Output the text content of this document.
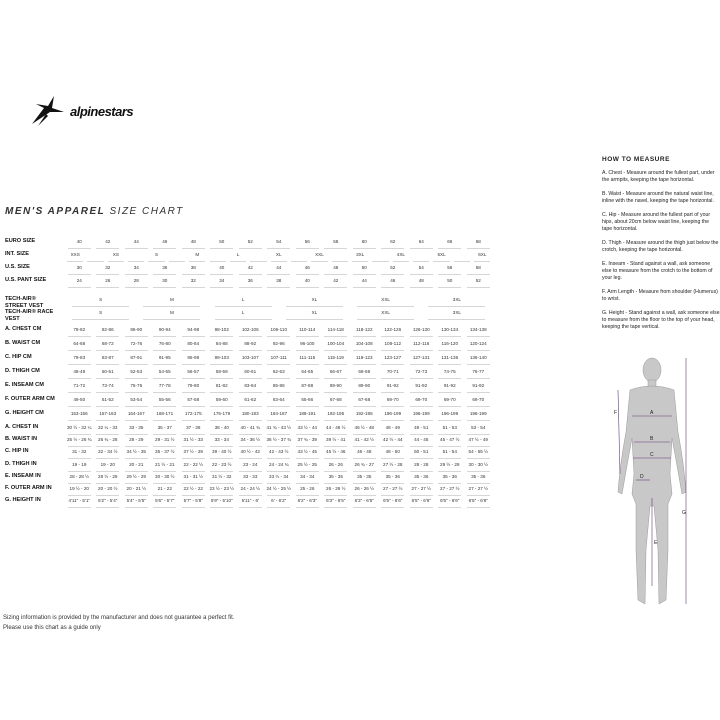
alpinestars
MEN'S APPAREL SIZE CHART
EURO SIZE	40	42	44	46	48	50	52	54	56	58	60	62	64	66	68
INT. SIZE	XXS	XS	S	M	L	XL	XXL	3XL	4XL	5XL	6XL
U.S. SIZE	30	32	34	36	38	40	42	44	46	48	50	52	54	56	58
U.S. PANT SIZE	24	26	28	30	32	34	36	38	40	42	44	46	48	50	52
TECH-AIR® STREET VEST
S	M	L	XL	XXL	3XL
TECH-AIR® RACE VEST
S	M	L	XL	XXL	3XL
A. CHEST CM	78-82	82-86	86-90	90-94	94-98	98-102	102-106	106-110	110-114	114-118	118-122	122-126	126-130	130-134	134-138
B. WAIST CM	64-68	68-72	72-76	76-80	80-84	84-88	88-92	92-96	96-100	100-104	104-108	108-112	112-116	116-120	120-124
C. HIP CM	79-83	83-87	87-91	91-95	95-99	99-103	103-107	107-111	111-115	115-119	119-123	123-127	127-131	131-136	136-140
D. THIGH CM	48-49	50-51	52-53	54-55	56-57	58-59	60-61	62-63	64-65	66-67	68-69	70-71	72-73	74-75	76-77
E. INSEAM CM	71-72	73-74	75-76	77-78	79-80	81-82	83-84	85-86	87-88	89-90	89-90	91-92	91-92	91-92	91-92
F. OUTER ARM CM	49-50	51-52	53-54	55-56	57-58	59-60	61-62	63-64	65-66	67-68	67-68	69-70	69-70	69-70	69-70
G. HEIGHT CM	153-156	157-163	164-167	168-171	172-175	176-179	180-183	184-187	188-191	192-195	192-195	196-199	196-199	196-199	196-199
A. CHEST IN	30 ½ - 32 ¼	32 ¼ - 33	33 - 35	35 - 37	37 - 38	38 - 40	40 - 41 ¾	41 ¾ - 43 ½	43 ½ - 44	44 - 46 ½	46 ½ - 48	48 - 49	49 - 51	51 - 53	53 - 54
B. WAIST IN	25 ½ - 26 ¾	26 ¾ - 28	28 - 29	29 - 31 ½	31 ½ - 33	33 - 34	34 - 36 ½	36 ½ - 37 ¾	37 ¾ - 39	39 ½ - 41	41 - 42 ½	42 ½ - 44	44 - 45	45 - 47 ½	47 ½ - 49
C. HIP IN	31 - 32	32 - 34 ½	34 ½ - 35	35 - 37 ½	37 ½ - 39	39 - 40 ½	40 ½ - 42	42 - 43 ½	43 ½ - 45	45 ½ - 46	46 - 48	48 - 50	50 - 51	51 - 54	54 - 55 ½
D. THIGH IN	19 - 19	19 - 20	20 - 21	21 ½ - 21	22 - 22 ½	22 - 23 ½	23 - 24	24 - 24 ¾	25 ½ - 25	26 - 26	26 ¾ - 27	27 ½ - 28	28 - 28	29 ½ - 29	30 - 30 ½
E. INSEAM IN	28 - 28 ½	28 ½ - 29	29 ½ - 29	30 - 30 ½	31 - 31 ½	31 ½ - 32	33 - 33	33 ½ - 34	34 - 34	35 - 35	35 - 35	35 - 36	35 - 36	35 - 36	35 - 36
F. OUTER ARM IN	19 ½ - 20	20 - 20 ½	20 - 21 ½	21 - 22	22 ½ - 22	23 ½ - 23 ½	24 - 24 ½	24 ½ - 25 ½	25 - 26	26 - 26 ½	26 - 26 ½	27 - 27 ½	27 - 27 ½	27 - 27 ½	27 - 27 ½
G. HEIGHT IN	4'11" - 5'1"	5'2" - 5'4"	5'4" - 5'5"	5'6" - 5'7"	5'7" - 5'8"	5'9" - 5'10"	5'11" - 6'	6' - 6'2"	6'2" - 6'3"	6'3" - 6'5"	6'3" - 6'5"	6'5" - 6'6"	6'5" - 6'6"	6'5" - 6'6"	6'5" - 6'6"
HOW TO MEASURE
A. Chest - Measure around the fullest part, under the armpits, keeping the tape horizontal.
B. Waist - Measure around the natural waist line, inline with the navel, keeping the tape horizontal.
C. Hip - Measure around the fullest part of your hips, about 20cm below waist line, keeping the tape horizontal.
D. Thigh - Measure around the thigh just below the crotch, keeping the tape horizontal.
E. Inseam - Stand against a wall, ask someone else to measure from the crotch to the bottom of your leg.
F. Arm Length - Measure from shoulder (Humerus) to wrist.
G. Height - Stand against a wall, ask someone else to measure from the floor to the top of your head, keeping the tape vertical.
A
B
C
D
E
F
G
Sizing information is provided by the manufacturer and does not guarantee a perfect fit.
Please use this chart as a guide only
